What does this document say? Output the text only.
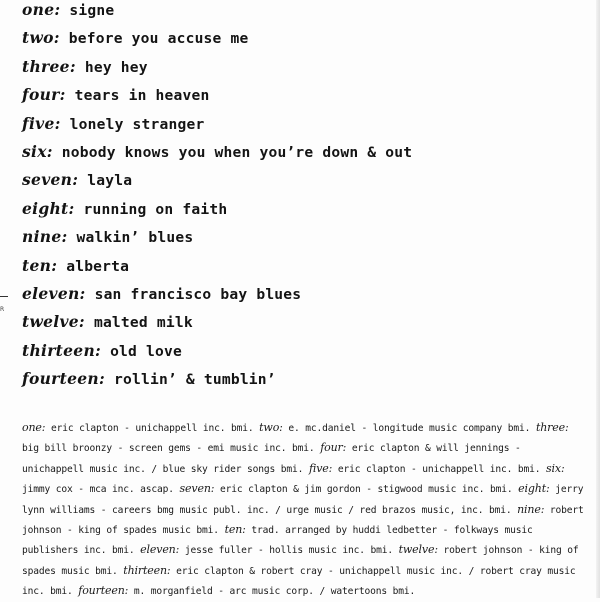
one: signe
two: before you accuse me
three: hey hey
four: tears in heaven
five: lonely stranger
six: nobody knows you when you’re down & out
seven: layla
eight: running on faith
nine: walkin’ blues
ten: alberta
eleven: san francisco bay blues
twelve: malted milk
thirteen: old love
fourteen: rollin’ & tumblin’

one: eric clapton - unichappell inc. bmi. two: e. mc.daniel - longitude music company bmi. three: big bill broonzy - screen gems - emi music inc. bmi. four: eric clapton & will jennings - unichappell music inc. / blue sky rider songs bmi. five: eric clapton - unichappell inc. bmi. six: jimmy cox - mca inc. ascap. seven: eric clapton & jim gordon - stigwood music inc. bmi. eight: jerry lynn williams - careers bmg music publ. inc. / urge music / red brazos music, inc. bmi. nine: robert johnson - king of spades music bmi. ten: trad. arranged by huddi ledbetter - folkways music publishers inc. bmi. eleven: jesse fuller - hollis music inc. bmi. twelve: robert johnson - king of spades music bmi. thirteen: eric clapton & robert cray - unichappell music inc. / robert cray music inc. bmi. fourteen: m. morganfield - arc music corp. / watertoons bmi.

R
